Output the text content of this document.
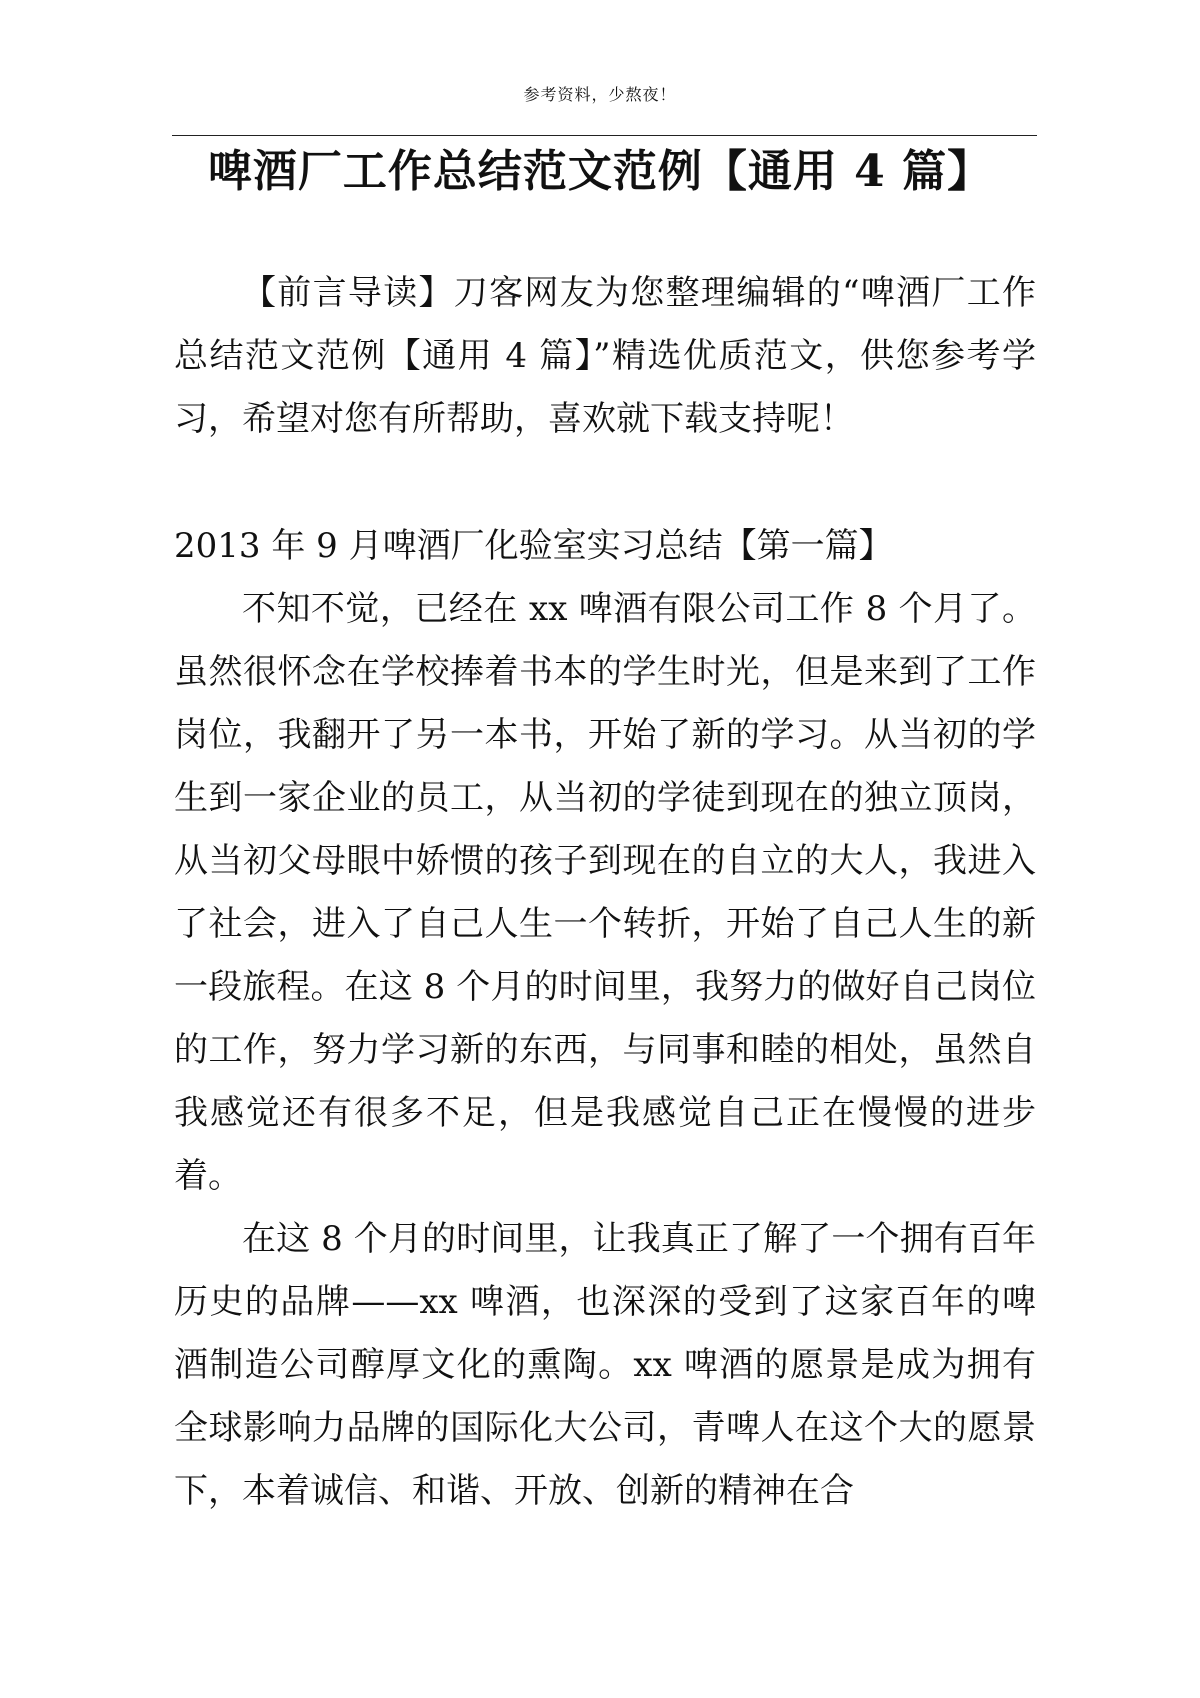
参考资料，少熬夜！
啤酒厂工作总结范文范例【通用 4 篇】

【前言导读】刀客网友为您整理编辑的“啤酒厂工作总结范文范例【通用 4 篇】”精选优质范文，供您参考学习，希望对您有所帮助，喜欢就下载支持呢！

2013 年 9 月啤酒厂化验室实习总结【第一篇】

不知不觉，已经在 xx 啤酒有限公司工作 8 个月了。虽然很怀念在学校捧着书本的学生时光，但是来到了工作岗位，我翻开了另一本书，开始了新的学习。从当初的学生到一家企业的员工，从当初的学徒到现在的独立顶岗，从当初父母眼中娇惯的孩子到现在的自立的大人，我进入了社会，进入了自己人生一个转折，开始了自己人生的新一段旅程。在这 8 个月的时间里，我努力的做好自己岗位的工作，努力学习新的东西，与同事和睦的相处，虽然自我感觉还有很多不足，但是我感觉自己正在慢慢的进步着。

在这 8 个月的时间里，让我真正了解了一个拥有百年历史的品牌——xx 啤酒，也深深的受到了这家百年的啤酒制造公司醇厚文化的熏陶。xx 啤酒的愿景是成为拥有全球影响力品牌的国际化大公司，青啤人在这个大的愿景下，本着诚信、和谐、开放、创新的精神在合
